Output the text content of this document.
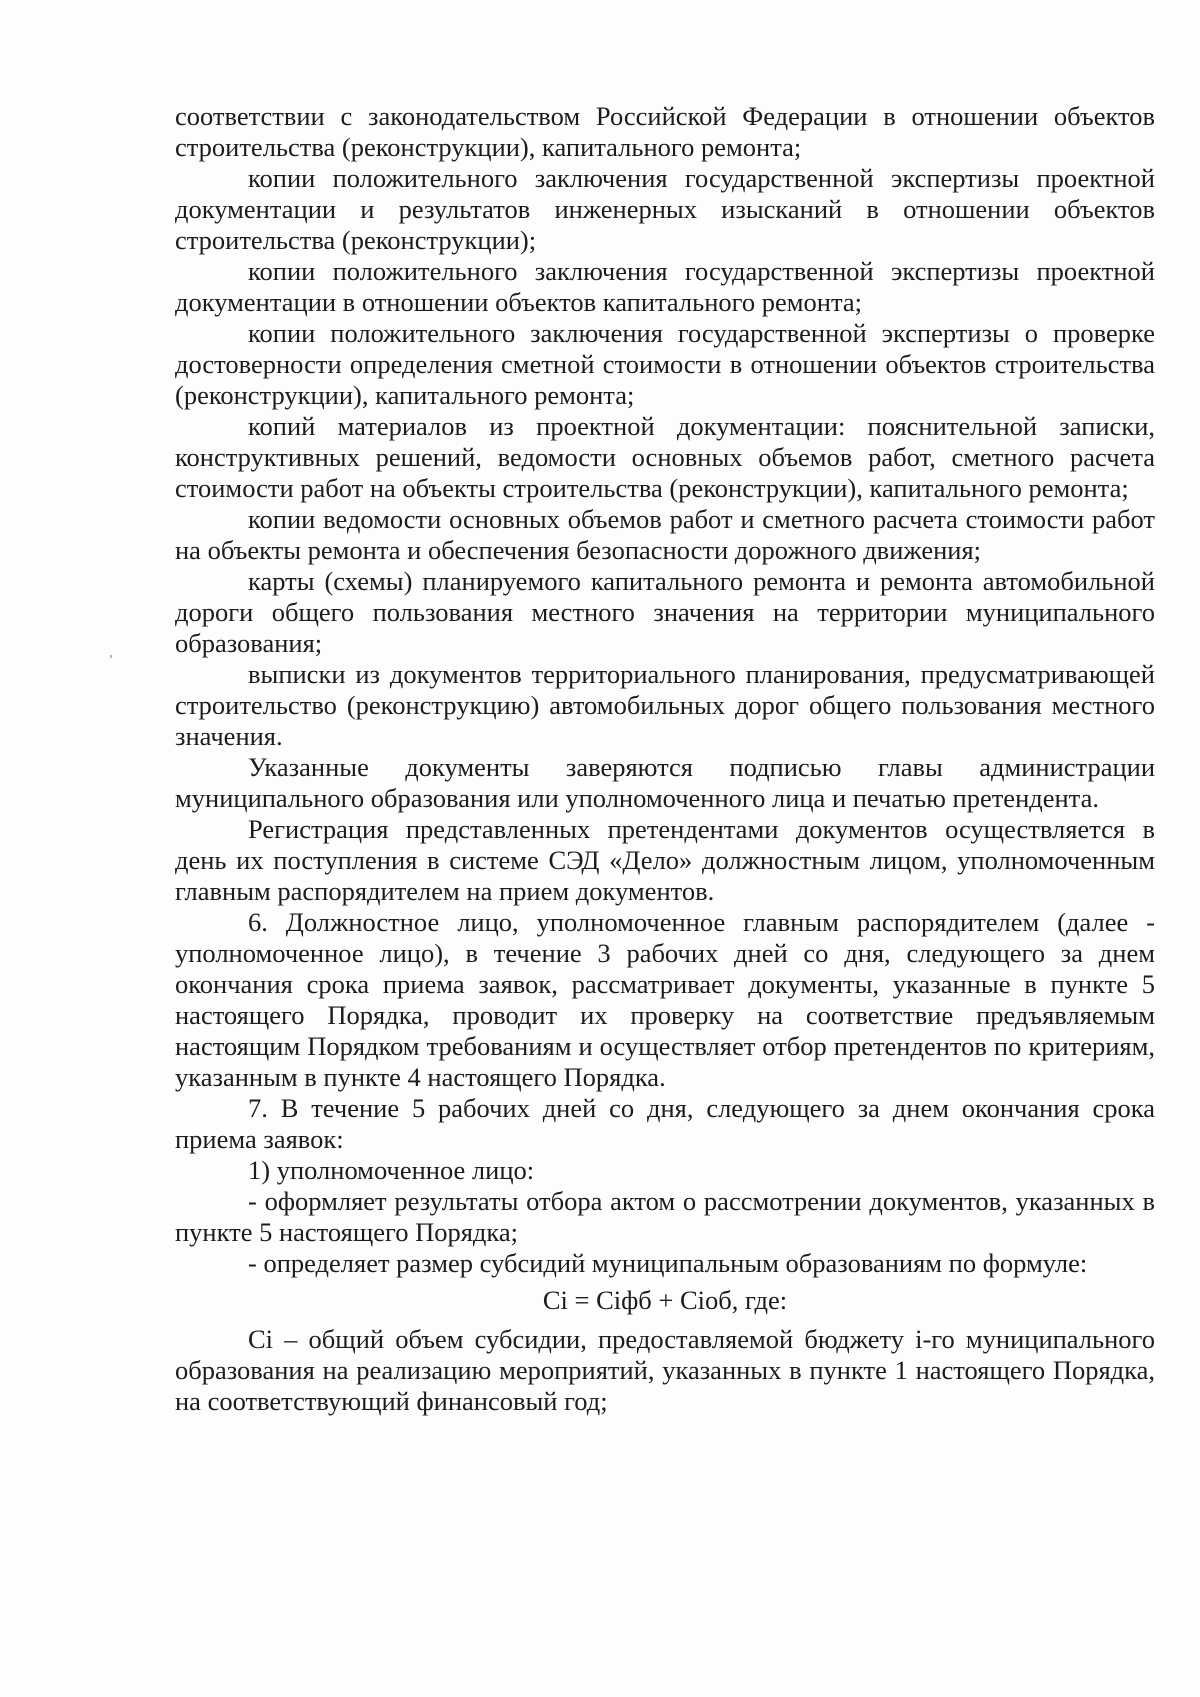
соответствии с законодательством Российской Федерации в отношении объектов строительства (реконструкции), капитального ремонта;

копии положительного заключения государственной экспертизы проектной документации и результатов инженерных изысканий в отношении объектов строительства (реконструкции);

копии положительного заключения государственной экспертизы проектной документации в отношении объектов капитального ремонта;

копии положительного заключения государственной экспертизы о проверке достоверности определения сметной стоимости в отношении объектов строительства (реконструкции), капитального ремонта;

копий материалов из проектной документации: пояснительной записки, конструктивных решений, ведомости основных объемов работ, сметного расчета стоимости работ на объекты строительства (реконструкции), капитального ремонта;

копии ведомости основных объемов работ и сметного расчета стоимости работ на объекты ремонта и обеспечения безопасности дорожного движения;

карты (схемы) планируемого капитального ремонта и ремонта автомобильной дороги общего пользования местного значения на территории муниципального образования;

выписки из документов территориального планирования, предусматривающей строительство (реконструкцию) автомобильных дорог общего пользования местного значения.

Указанные документы заверяются подписью главы администрации муниципального образования или уполномоченного лица и печатью претендента.

Регистрация представленных претендентами документов осуществляется в день их поступления в системе СЭД «Дело» должностным лицом, уполномоченным главным распорядителем на прием документов.

6. Должностное лицо, уполномоченное главным распорядителем (далее - уполномоченное лицо), в течение 3 рабочих дней со дня, следующего за днем окончания срока приема заявок, рассматривает документы, указанные в пункте 5 настоящего Порядка, проводит их проверку на соответствие предъявляемым настоящим Порядком требованиям и осуществляет отбор претендентов по критериям, указанным в пункте 4 настоящего Порядка.

7. В течение 5 рабочих дней со дня, следующего за днем окончания срока приема заявок:

1) уполномоченное лицо:

- оформляет результаты отбора актом о рассмотрении документов, указанных в пункте 5 настоящего Порядка;

- определяет размер субсидий муниципальным образованиям по формуле:

Ci = Ciфб + Ciоб, где:

Ci – общий объем субсидии, предоставляемой бюджету i-го муниципального образования на реализацию мероприятий, указанных в пункте 1 настоящего Порядка, на соответствующий финансовый год;
